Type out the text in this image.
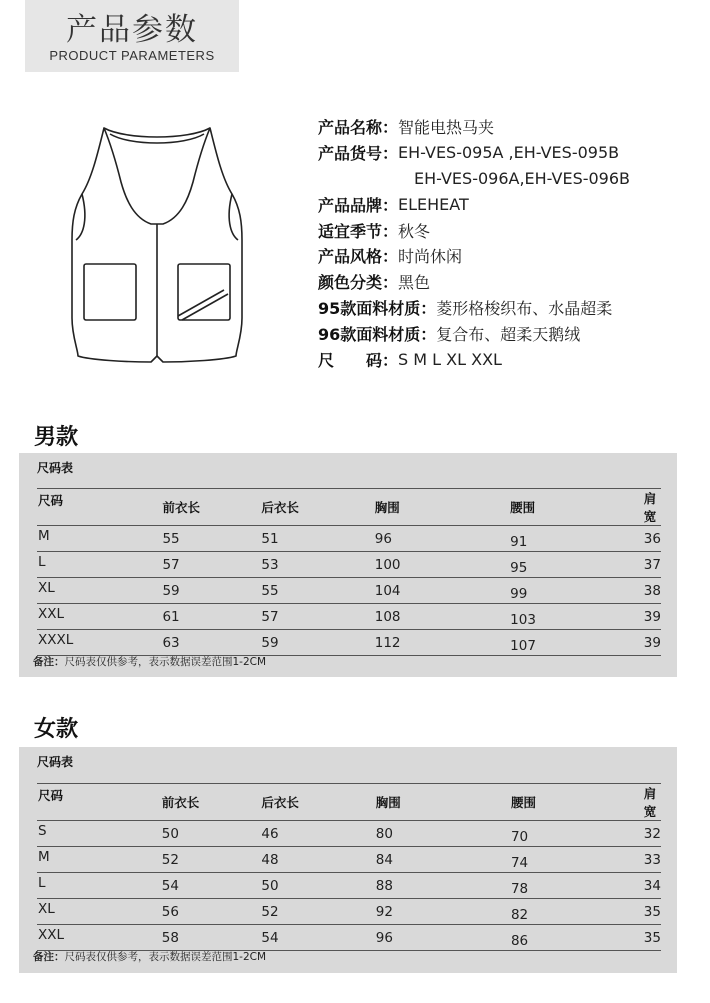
产品参数
PRODUCT PARAMETERS
产品名称： 智能电热马夹
产品货号： EH-VES-095A ,EH-VES-095B
EH-VES-096A,EH-VES-096B
产品品牌： ELEHEAT
适宜季节： 秋冬
产品风格： 时尚休闲
颜色分类： 黑色
95款面料材质： 菱形格梭织布、水晶超柔
96款面料材质： 复合布、超柔天鹅绒
尺　　码： S M L XL XXL
男款
尺码表
尺码	前衣长	后衣长	胸围	腰围	肩宽
M	55	51	96	91	36
L	57	53	100	95	37
XL	59	55	104	99	38
XXL	61	57	108	103	39
XXXL	63	59	112	107	39
备注：尺码表仅供参考，表示数据误差范围1-2CM
女款
尺码表
尺码	前衣长	后衣长	胸围	腰围	肩宽
S	50	46	80	70	32
M	52	48	84	74	33
L	54	50	88	78	34
XL	56	52	92	82	35
XXL	58	54	96	86	35
备注：尺码表仅供参考，表示数据误差范围1-2CM
